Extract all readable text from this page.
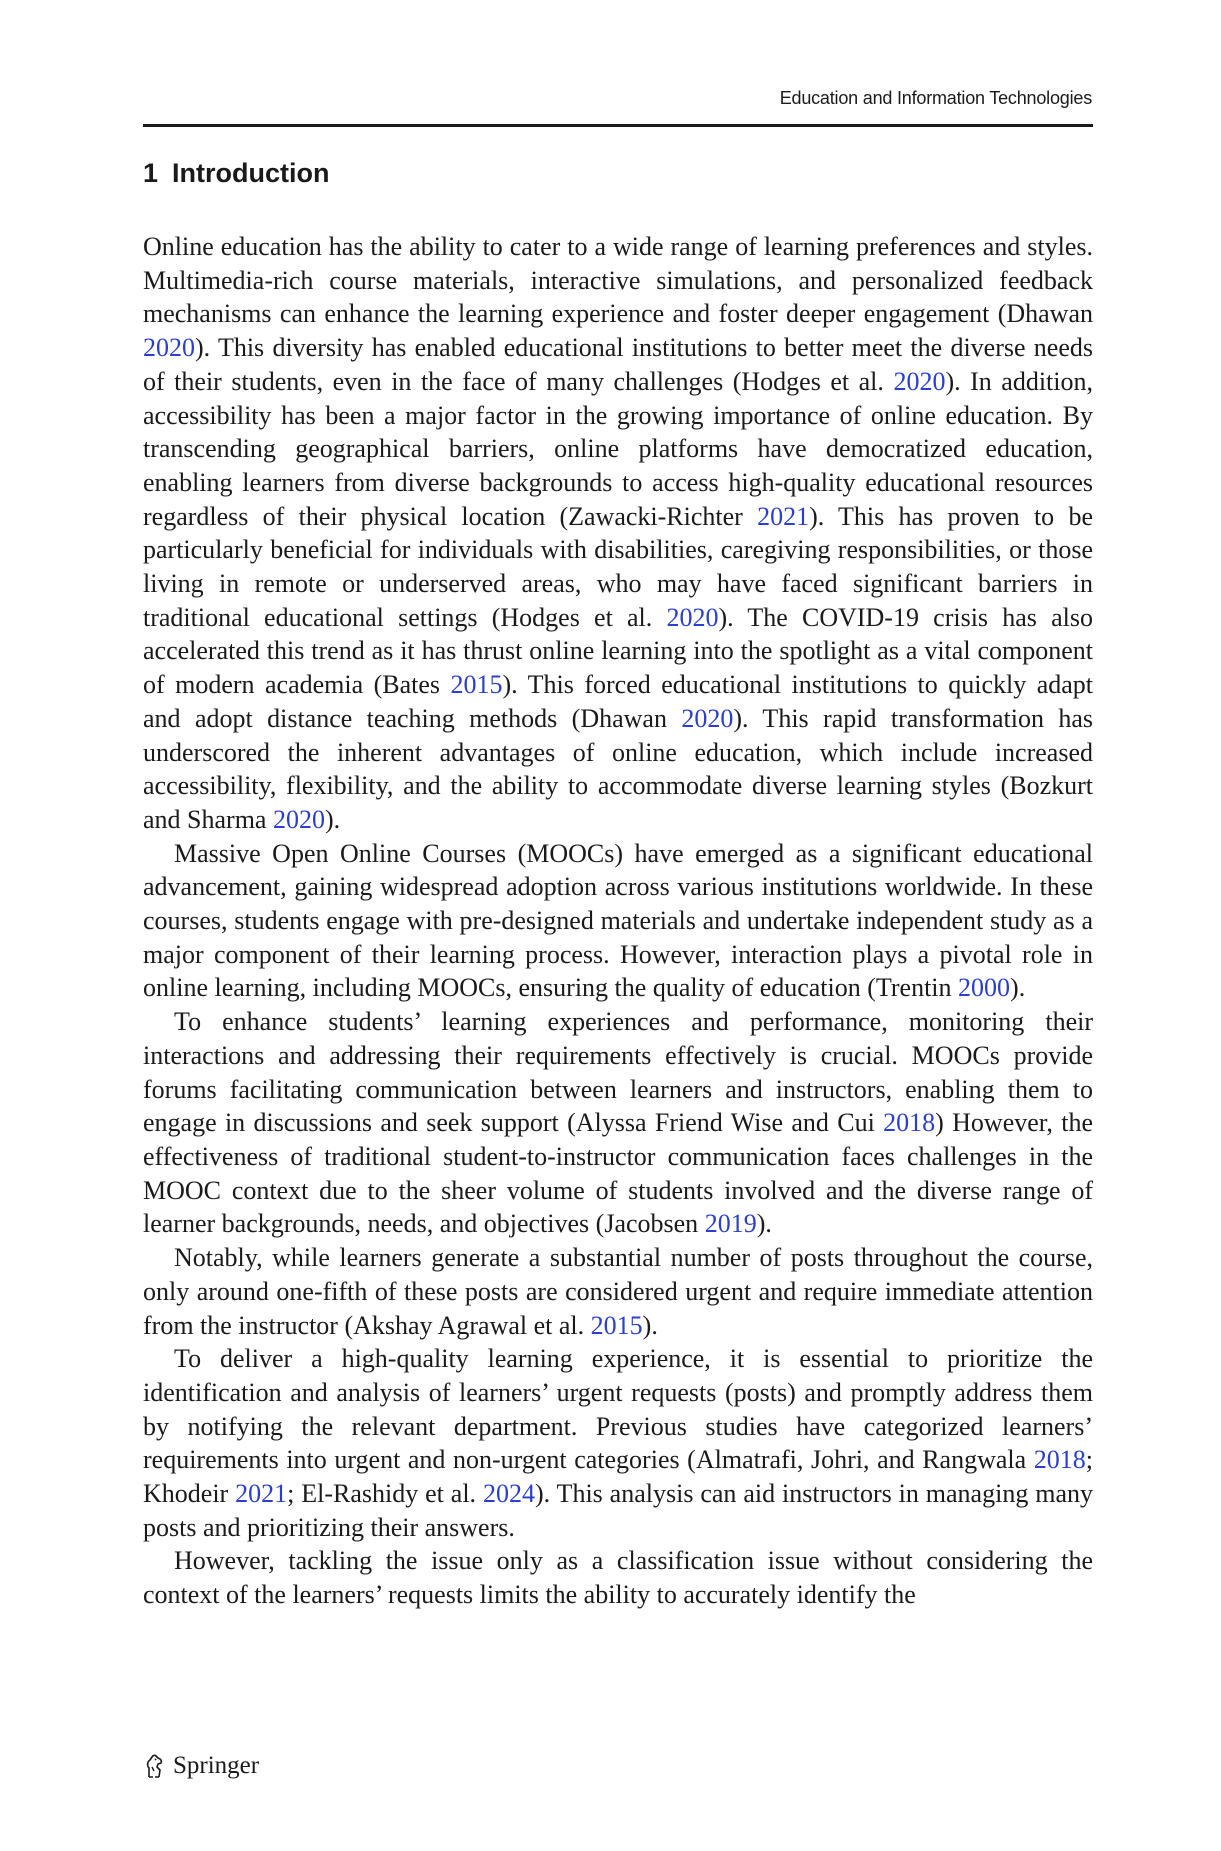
Education and Information Technologies
1 Introduction

Online education has the ability to cater to a wide range of learning preferences and styles. Multimedia-rich course materials, interactive simulations, and personalized feedback mechanisms can enhance the learning experience and foster deeper engagement (Dhawan 2020). This diversity has enabled educational institutions to better meet the diverse needs of their students, even in the face of many challenges (Hodges et al. 2020). In addition, accessibility has been a major factor in the growing importance of online education. By transcending geographical barriers, online platforms have democratized education, enabling learners from diverse backgrounds to access high-quality educational resources regardless of their physical location (Zawacki-Richter 2021). This has proven to be particularly beneficial for individuals with disabilities, caregiving responsibilities, or those living in remote or underserved areas, who may have faced significant barriers in traditional educational settings (Hodges et al. 2020). The COVID-19 crisis has also accelerated this trend as it has thrust online learning into the spotlight as a vital component of modern academia (Bates 2015). This forced educational institutions to quickly adapt and adopt distance teaching methods (Dhawan 2020). This rapid transformation has underscored the inherent advantages of online education, which include increased accessibility, flexibility, and the ability to accommodate diverse learning styles (Bozkurt and Sharma 2020).

Massive Open Online Courses (MOOCs) have emerged as a significant educational advancement, gaining widespread adoption across various institutions worldwide. In these courses, students engage with pre-designed materials and undertake independent study as a major component of their learning process. However, interaction plays a pivotal role in online learning, including MOOCs, ensuring the quality of education (Trentin 2000).

To enhance students’ learning experiences and performance, monitoring their interactions and addressing their requirements effectively is crucial. MOOCs provide forums facilitating communication between learners and instructors, enabling them to engage in discussions and seek support (Alyssa Friend Wise and Cui 2018) However, the effectiveness of traditional student-to-instructor communication faces challenges in the MOOC context due to the sheer volume of students involved and the diverse range of learner backgrounds, needs, and objectives (Jacobsen 2019).

Notably, while learners generate a substantial number of posts throughout the course, only around one-fifth of these posts are considered urgent and require immediate attention from the instructor (Akshay Agrawal et al. 2015).

To deliver a high-quality learning experience, it is essential to prioritize the identification and analysis of learners’ urgent requests (posts) and promptly address them by notifying the relevant department. Previous studies have categorized learners’ requirements into urgent and non-urgent categories (Almatrafi, Johri, and Rangwala 2018; Khodeir 2021; El-Rashidy et al. 2024). This analysis can aid instructors in managing many posts and prioritizing their answers.

However, tackling the issue only as a classification issue without considering the context of the learners’ requests limits the ability to accurately identify the

Springer
